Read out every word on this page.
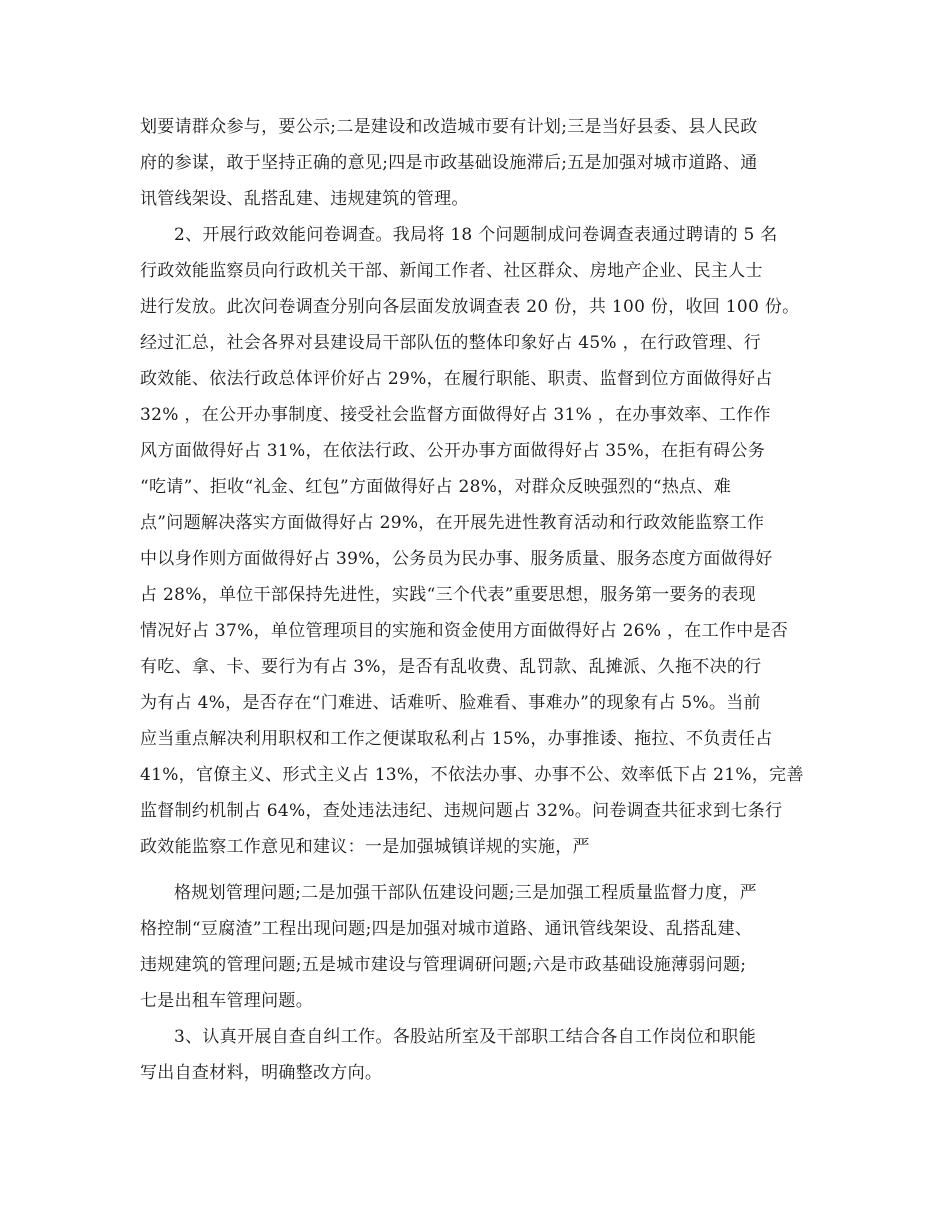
划要请群众参与，要公示;二是建设和改造城市要有计划;三是当好县委、县人民政
府的参谋，敢于坚持正确的意见;四是市政基础设施滞后;五是加强对城市道路、通
讯管线架设、乱搭乱建、违规建筑的管理。
2、开展行政效能问卷调查。我局将 18 个问题制成问卷调查表通过聘请的 5 名
行政效能监察员向行政机关干部、新闻工作者、社区群众、房地产企业、民主人士
进行发放。此次问卷调查分别向各层面发放调查表 20 份，共 100 份，收回 100 份。
经过汇总，社会各界对县建设局干部队伍的整体印象好占 45% ，在行政管理、行
政效能、依法行政总体评价好占 29%，在履行职能、职责、监督到位方面做得好占
32% ，在公开办事制度、接受社会监督方面做得好占 31% ，在办事效率、工作作
风方面做得好占 31%，在依法行政、公开办事方面做得好占 35%，在拒有碍公务
“吃请”、拒收“礼金、红包”方面做得好占 28%，对群众反映强烈的“热点、难
点”问题解决落实方面做得好占 29%，在开展先进性教育活动和行政效能监察工作
中以身作则方面做得好占 39%，公务员为民办事、服务质量、服务态度方面做得好
占 28%，单位干部保持先进性，实践“三个代表”重要思想，服务第一要务的表现
情况好占 37%，单位管理项目的实施和资金使用方面做得好占 26% ，在工作中是否
有吃、拿、卡、要行为有占 3%，是否有乱收费、乱罚款、乱摊派、久拖不决的行
为有占 4%，是否存在“门难进、话难听、脸难看、事难办”的现象有占 5%。当前
应当重点解决利用职权和工作之便谋取私利占 15%，办事推诿、拖拉、不负责任占
41%，官僚主义、形式主义占 13%，不依法办事、办事不公、效率低下占 21%，完善
监督制约机制占 64%，查处违法违纪、违规问题占 32%。问卷调查共征求到七条行
政效能监察工作意见和建议：一是加强城镇详规的实施，严
格规划管理问题;二是加强干部队伍建设问题;三是加强工程质量监督力度，严
格控制“豆腐渣”工程出现问题;四是加强对城市道路、通讯管线架设、乱搭乱建、
违规建筑的管理问题;五是城市建设与管理调研问题;六是市政基础设施薄弱问题;
七是出租车管理问题。
3、认真开展自查自纠工作。各股站所室及干部职工结合各自工作岗位和职能
写出自查材料，明确整改方向。
